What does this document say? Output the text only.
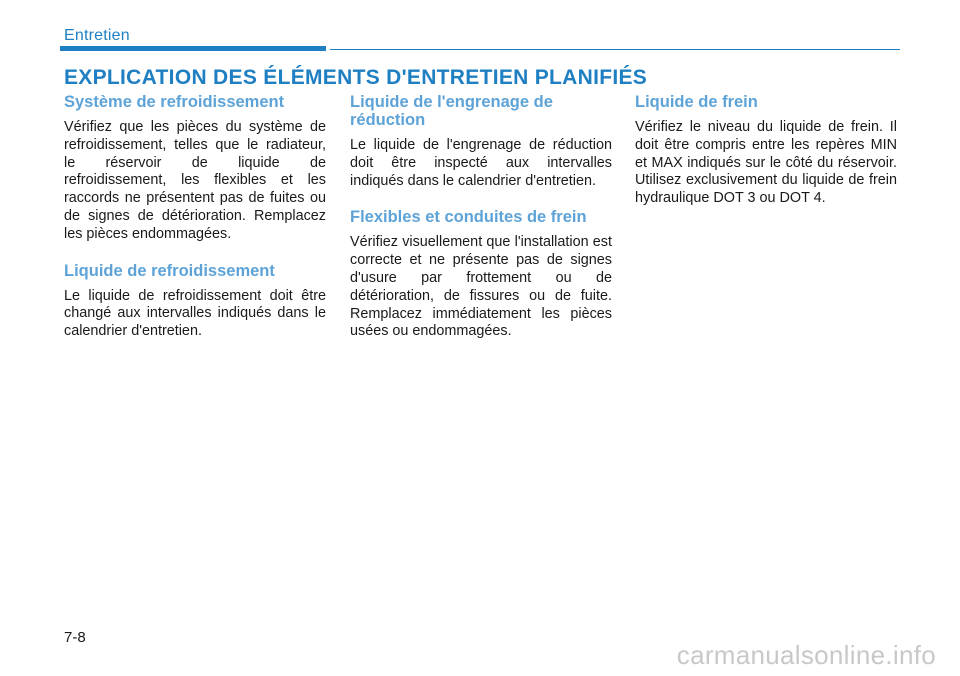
Entretien
EXPLICATION DES ÉLÉMENTS D'ENTRETIEN PLANIFIÉS
Système de refroidissement

Vérifiez que les pièces du système de refroidissement, telles que le radiateur, le réservoir de liquide de refroidissement, les flexibles et les raccords ne présentent pas de fuites ou de signes de détérioration. Remplacez les pièces endommagées.

Liquide de refroidissement

Le liquide de refroidissement doit être changé aux intervalles indiqués dans le calendrier d'entretien.

Liquide de l'engrenage de réduction

Le liquide de l'engrenage de réduction doit être inspecté aux intervalles indiqués dans le calendrier d'entretien.

Flexibles et conduites de frein

Vérifiez visuellement que l'installation est correcte et ne présente pas de signes d'usure par frottement ou de détérioration, de fissures ou de fuite. Remplacez immédiatement les pièces usées ou endommagées.

Liquide de frein

Vérifiez le niveau du liquide de frein. Il doit être compris entre les repères MIN et MAX indiqués sur le côté du réservoir. Utilisez exclusivement du liquide de frein hydraulique DOT 3 ou DOT 4.

7-8
carmanualsonline.info
